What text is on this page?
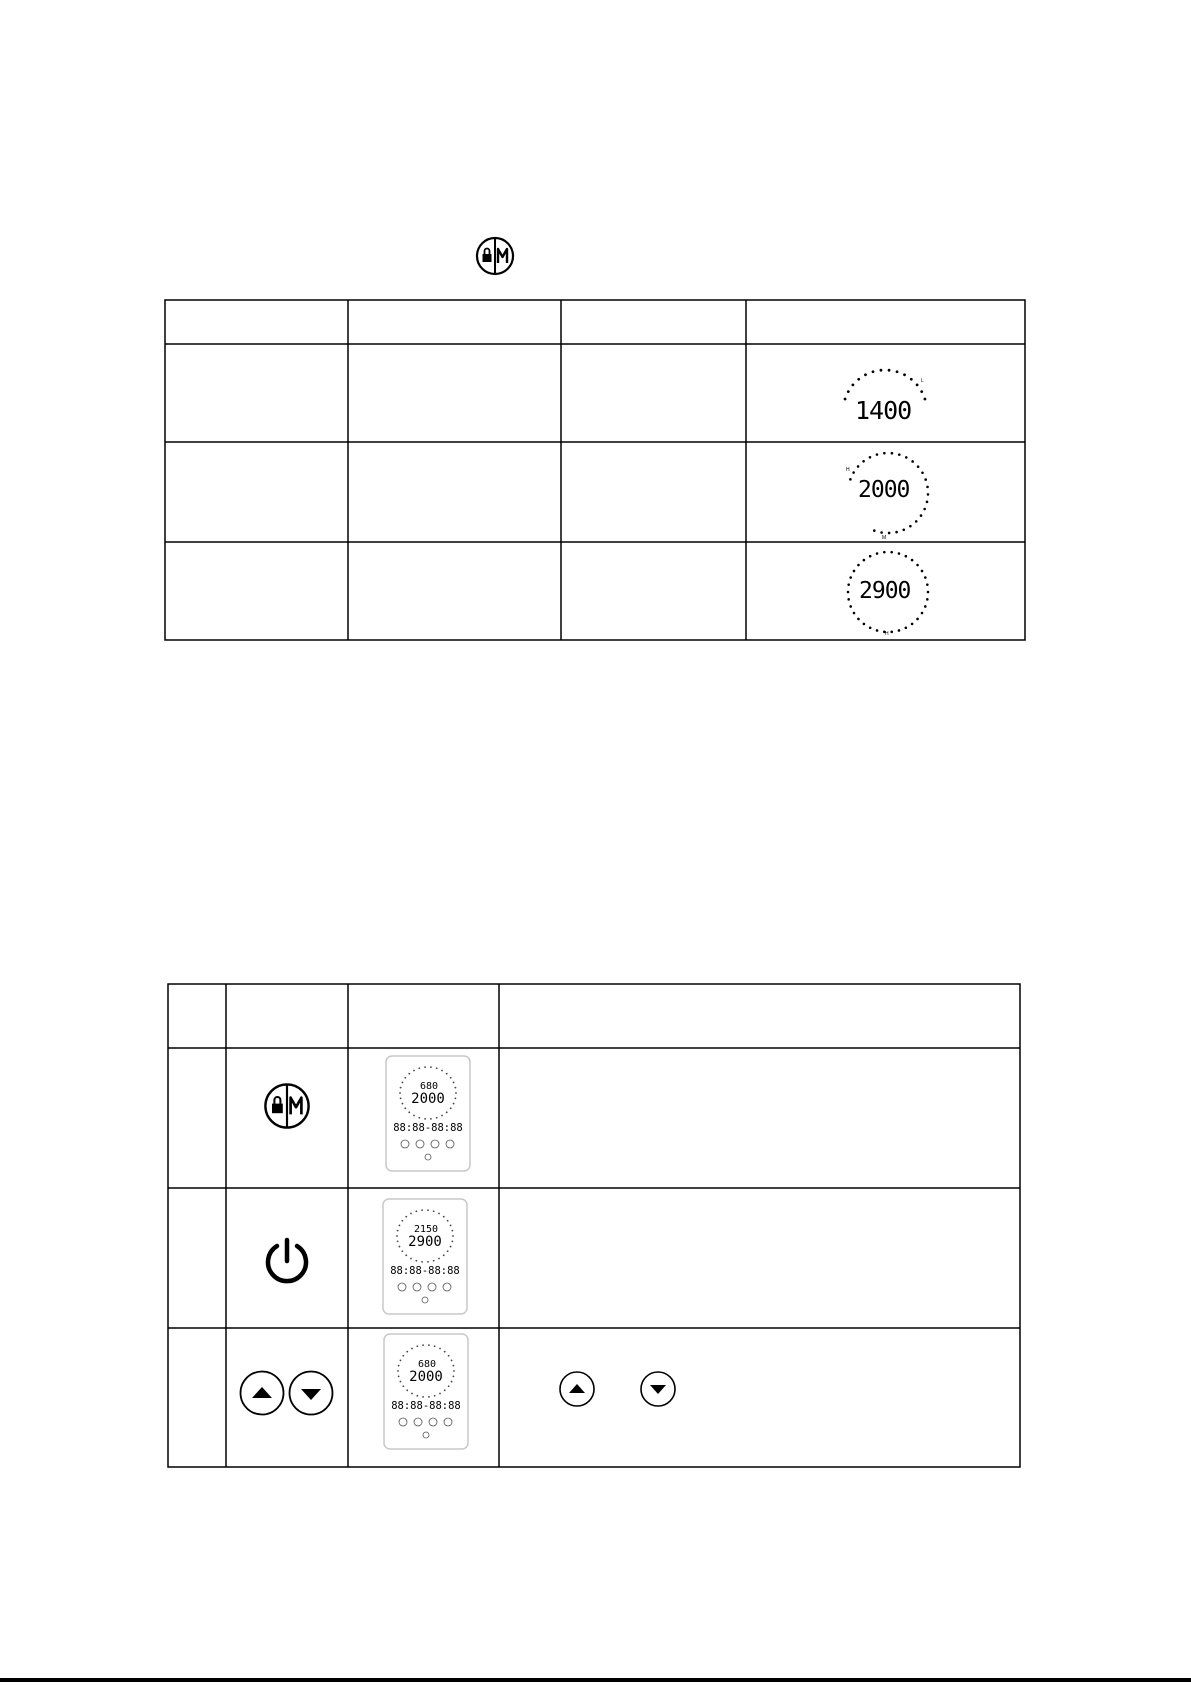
L
1400
H
M
2000
H
2900
680
2000
88:88-88:88
2150
2900
88:88-88:88
680
2000
88:88-88:88
